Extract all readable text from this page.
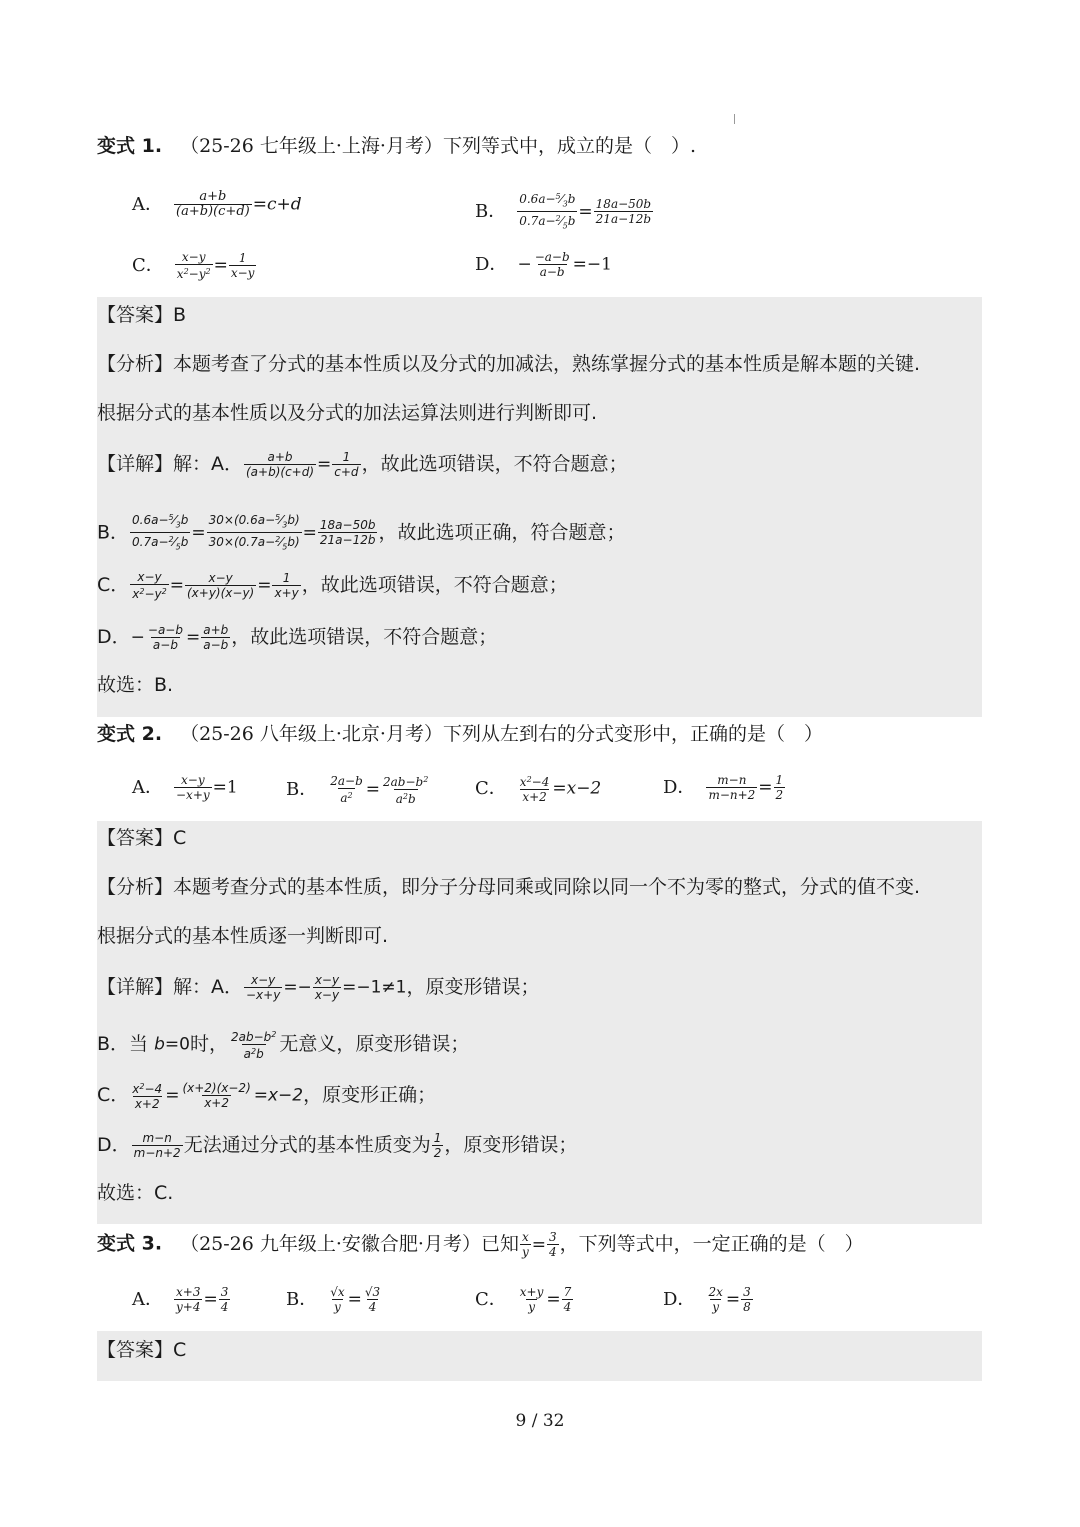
变式 1. （25-26 七年级上·上海·月考）下列等式中，成立的是（　）.
A． $\frac{a+b}{(a+b)(c+d)} =c+d$	B． $\frac{0.6a-^5⁄_3b}{0.7a-^2⁄_5b} = \frac{18a-50b}{21a-12b}$
C． $\frac{x-y}{x^2-y^2} = \frac{1}{x-y}$	D． − $\frac{-a-b}{a-b} =-1$
【答案】B
【分析】本题考查了分式的基本性质以及分式的加减法，熟练掌握分式的基本性质是解本题的关键.
根据分式的基本性质以及分式的加法运算法则进行判断即可.
【详解】解：A． $\frac{a+b}{(a+b)(c+d)} = \frac{1}{c+d}$ ，故此选项错误，不符合题意；
B． $\frac{0.6a-^5⁄_3b}{0.7a-^2⁄_5b} = \frac{30\times(0.6a-^5⁄_3b)}{30\times(0.7a-^2⁄_5b)} = \frac{18a-50b}{21a-12b}$ ，故此选项正确，符合题意；
C． $\frac{x-y}{x^2-y^2} = \frac{x-y}{(x+y)(x-y)} = \frac{1}{x+y}$ ，故此选项错误，不符合题意；
D．− $\frac{-a-b}{a-b} = \frac{a+b}{a-b}$ ，故此选项错误，不符合题意；
故选：B.
变式 2. （25-26 八年级上·北京·月考）下列从左到右的分式变形中，正确的是（　）
A． $\frac{x-y}{-x+y} =1$	B． $\frac{2a-b}{a^2} = \frac{2ab-b^2}{a^2b}$ C． $\frac{x^2-4}{x+2} =x-2$	D． $\frac{m-n}{m-n+2} = \frac{1}{2}$
【答案】C
【分析】本题考查分式的基本性质，即分子分母同乘或同除以同一个不为零的整式，分式的值不变.
根据分式的基本性质逐一判断即可.
【详解】解：A． $\frac{x-y}{-x+y} =- \frac{x-y}{x-y} =-1\ne 1$，原变形错误；
B．当 b=0时， $\frac{2ab-b^2}{a^2b}$ 无意义，原变形错误；
C． $\frac{x^2-4}{x+2} = \frac{(x+2)(x-2)}{x+2} =x-2$，原变形正确；
D． $\frac{m-n}{m-n+2}$ 无法通过分式的基本性质变为 $\frac{1}{2}$ ，原变形错误；
故选：C.
变式 3. （25-26 九年级上·安徽合肥·月考）已知 $\frac{x}{y} = \frac{3}{4}$ ，下列等式中，一定正确的是（　）
A． $\frac{x+3}{y+4} = \frac{3}{4}$	B． $\frac{√x}{y} = \frac{√3}{4}$	C． $\frac{x+y}{y} = \frac{7}{4}$	D． $\frac{2x}{y} = \frac{3}{8}$
【答案】C
9 / 32
